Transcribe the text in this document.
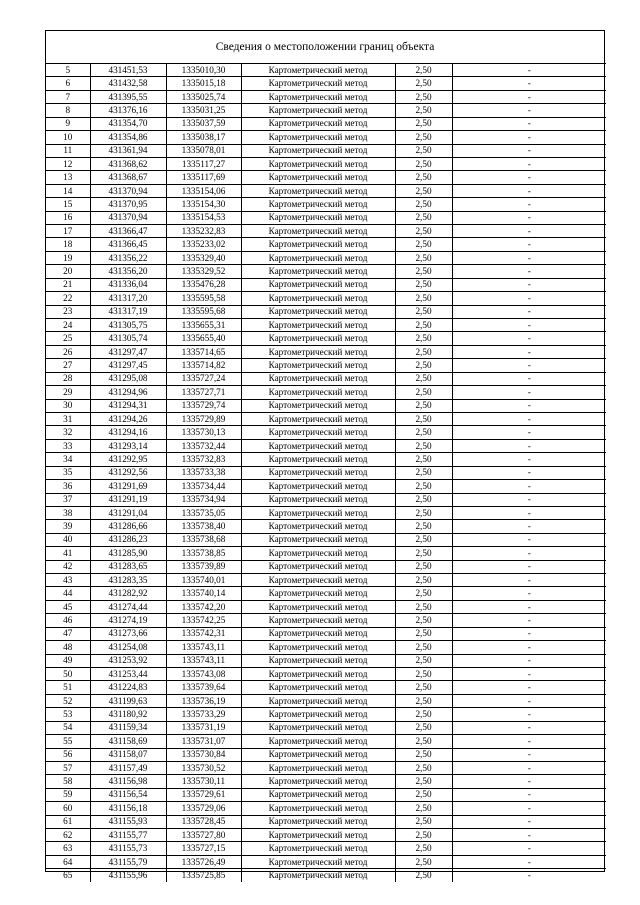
Сведения о местоположении границ объекта
5	431451,53	1335010,30	Картометрический метод	2,50	-
6	431432,58	1335015,18	Картометрический метод	2,50	-
7	431395,55	1335025,74	Картометрический метод	2,50	-
8	431376,16	1335031,25	Картометрический метод	2,50	-
9	431354,70	1335037,59	Картометрический метод	2,50	-
10	431354,86	1335038,17	Картометрический метод	2,50	-
11	431361,94	1335078,01	Картометрический метод	2,50	-
12	431368,62	1335117,27	Картометрический метод	2,50	-
13	431368,67	1335117,69	Картометрический метод	2,50	-
14	431370,94	1335154,06	Картометрический метод	2,50	-
15	431370,95	1335154,30	Картометрический метод	2,50	-
16	431370,94	1335154,53	Картометрический метод	2,50	-
17	431366,47	1335232,83	Картометрический метод	2,50	-
18	431366,45	1335233,02	Картометрический метод	2,50	-
19	431356,22	1335329,40	Картометрический метод	2,50	-
20	431356,20	1335329,52	Картометрический метод	2,50	-
21	431336,04	1335476,28	Картометрический метод	2,50	-
22	431317,20	1335595,58	Картометрический метод	2,50	-
23	431317,19	1335595,68	Картометрический метод	2,50	-
24	431305,75	1335655,31	Картометрический метод	2,50	-
25	431305,74	1335655,40	Картометрический метод	2,50	-
26	431297,47	1335714,65	Картометрический метод	2,50	-
27	431297,45	1335714,82	Картометрический метод	2,50	-
28	431295,08	1335727,24	Картометрический метод	2,50	-
29	431294,96	1335727,71	Картометрический метод	2,50	-
30	431294,31	1335729,74	Картометрический метод	2,50	-
31	431294,26	1335729,89	Картометрический метод	2,50	-
32	431294,16	1335730,13	Картометрический метод	2,50	-
33	431293,14	1335732,44	Картометрический метод	2,50	-
34	431292,95	1335732,83	Картометрический метод	2,50	-
35	431292,56	1335733,38	Картометрический метод	2,50	-
36	431291,69	1335734,44	Картометрический метод	2,50	-
37	431291,19	1335734,94	Картометрический метод	2,50	-
38	431291,04	1335735,05	Картометрический метод	2,50	-
39	431286,66	1335738,40	Картометрический метод	2,50	-
40	431286,23	1335738,68	Картометрический метод	2,50	-
41	431285,90	1335738,85	Картометрический метод	2,50	-
42	431283,65	1335739,89	Картометрический метод	2,50	-
43	431283,35	1335740,01	Картометрический метод	2,50	-
44	431282,92	1335740,14	Картометрический метод	2,50	-
45	431274,44	1335742,20	Картометрический метод	2,50	-
46	431274,19	1335742,25	Картометрический метод	2,50	-
47	431273,66	1335742,31	Картометрический метод	2,50	-
48	431254,08	1335743,11	Картометрический метод	2,50	-
49	431253,92	1335743,11	Картометрический метод	2,50	-
50	431253,44	1335743,08	Картометрический метод	2,50	-
51	431224,83	1335739,64	Картометрический метод	2,50	-
52	431199,63	1335736,19	Картометрический метод	2,50	-
53	431180,92	1335733,29	Картометрический метод	2,50	-
54	431159,34	1335731,19	Картометрический метод	2,50	-
55	431158,69	1335731,07	Картометрический метод	2,50	-
56	431158,07	1335730,84	Картометрический метод	2,50	-
57	431157,49	1335730,52	Картометрический метод	2,50	-
58	431156,98	1335730,11	Картометрический метод	2,50	-
59	431156,54	1335729,61	Картометрический метод	2,50	-
60	431156,18	1335729,06	Картометрический метод	2,50	-
61	431155,93	1335728,45	Картометрический метод	2,50	-
62	431155,77	1335727,80	Картометрический метод	2,50	-
63	431155,73	1335727,15	Картометрический метод	2,50	-
64	431155,79	1335726,49	Картометрический метод	2,50	-
65	431155,96	1335725,85	Картометрический метод	2,50	-
